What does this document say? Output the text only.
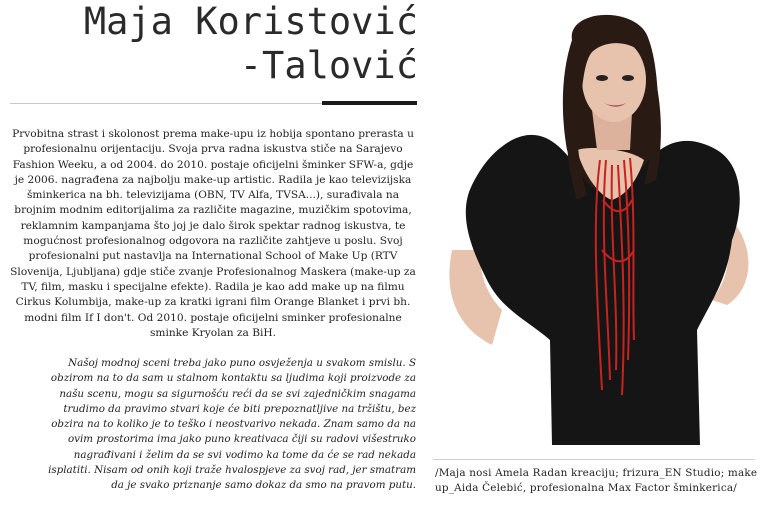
Maja Koristović
-Talović

Prvobitna strast i skolonost prema make-upu iz hobija spontano prerasta u profesionalnu orijentaciju. Svoja prva radna iskustva stiče na Sarajevo Fashion Weeku, a od 2004. do 2010. postaje oficijelni šminker SFW-a, gdje je 2006. nagrađena za najbolju make-up artistic. Radila je kao televizijska šminkerica na bh. televizijama (OBN, TV Alfa, TVSA...), surađivala na brojnim modnim editorijalima za različite magazine, muzičkim spotovima, reklamnim kampanjama što joj je dalo širok spektar radnog iskustva, te mogućnost profesionalnog odgovora na različite zahtjeve u poslu. Svoj profesionalni put nastavlja na International School of Make Up (RTV Slovenija, Ljubljana) gdje stiče zvanje Profesionalnog Maskera (make-up za TV, film, masku i specijalne efekte). Radila je kao add make up na filmu Cirkus Kolumbija, make-up za kratki igrani film Orange Blanket i prvi bh. modni film If I don't. Od 2010. postaje oficijelni sminker profesionalne sminke Kryolan za BiH.

Našoj modnoj sceni treba jako puno osvježenja u svakom smislu. S obzirom na to da sam u stalnom kontaktu sa ljudima koji proizvode za našu scenu, mogu sa sigurnošću reći da se svi zajedničkim snagama trudimo da pravimo stvari koje će biti prepoznatljive na tržištu, bez obzira na to koliko je to teško i neostvarivo nekada. Znam samo da na ovim prostorima ima jako puno kreativaca čiji su radovi višestruko nagrađivani i želim da se svi vodimo ka tome da će se rad nekada isplatiti. Nisam od onih koji traže hvalospjeve za svoj rad, jer smatram da je svako priznanje samo dokaz da smo na pravom putu.

/Maja nosi Amela Radan kreaciju; frizura_EN Studio; make up_Aida Čelebić, profesionalna Max Factor šminkerica/
